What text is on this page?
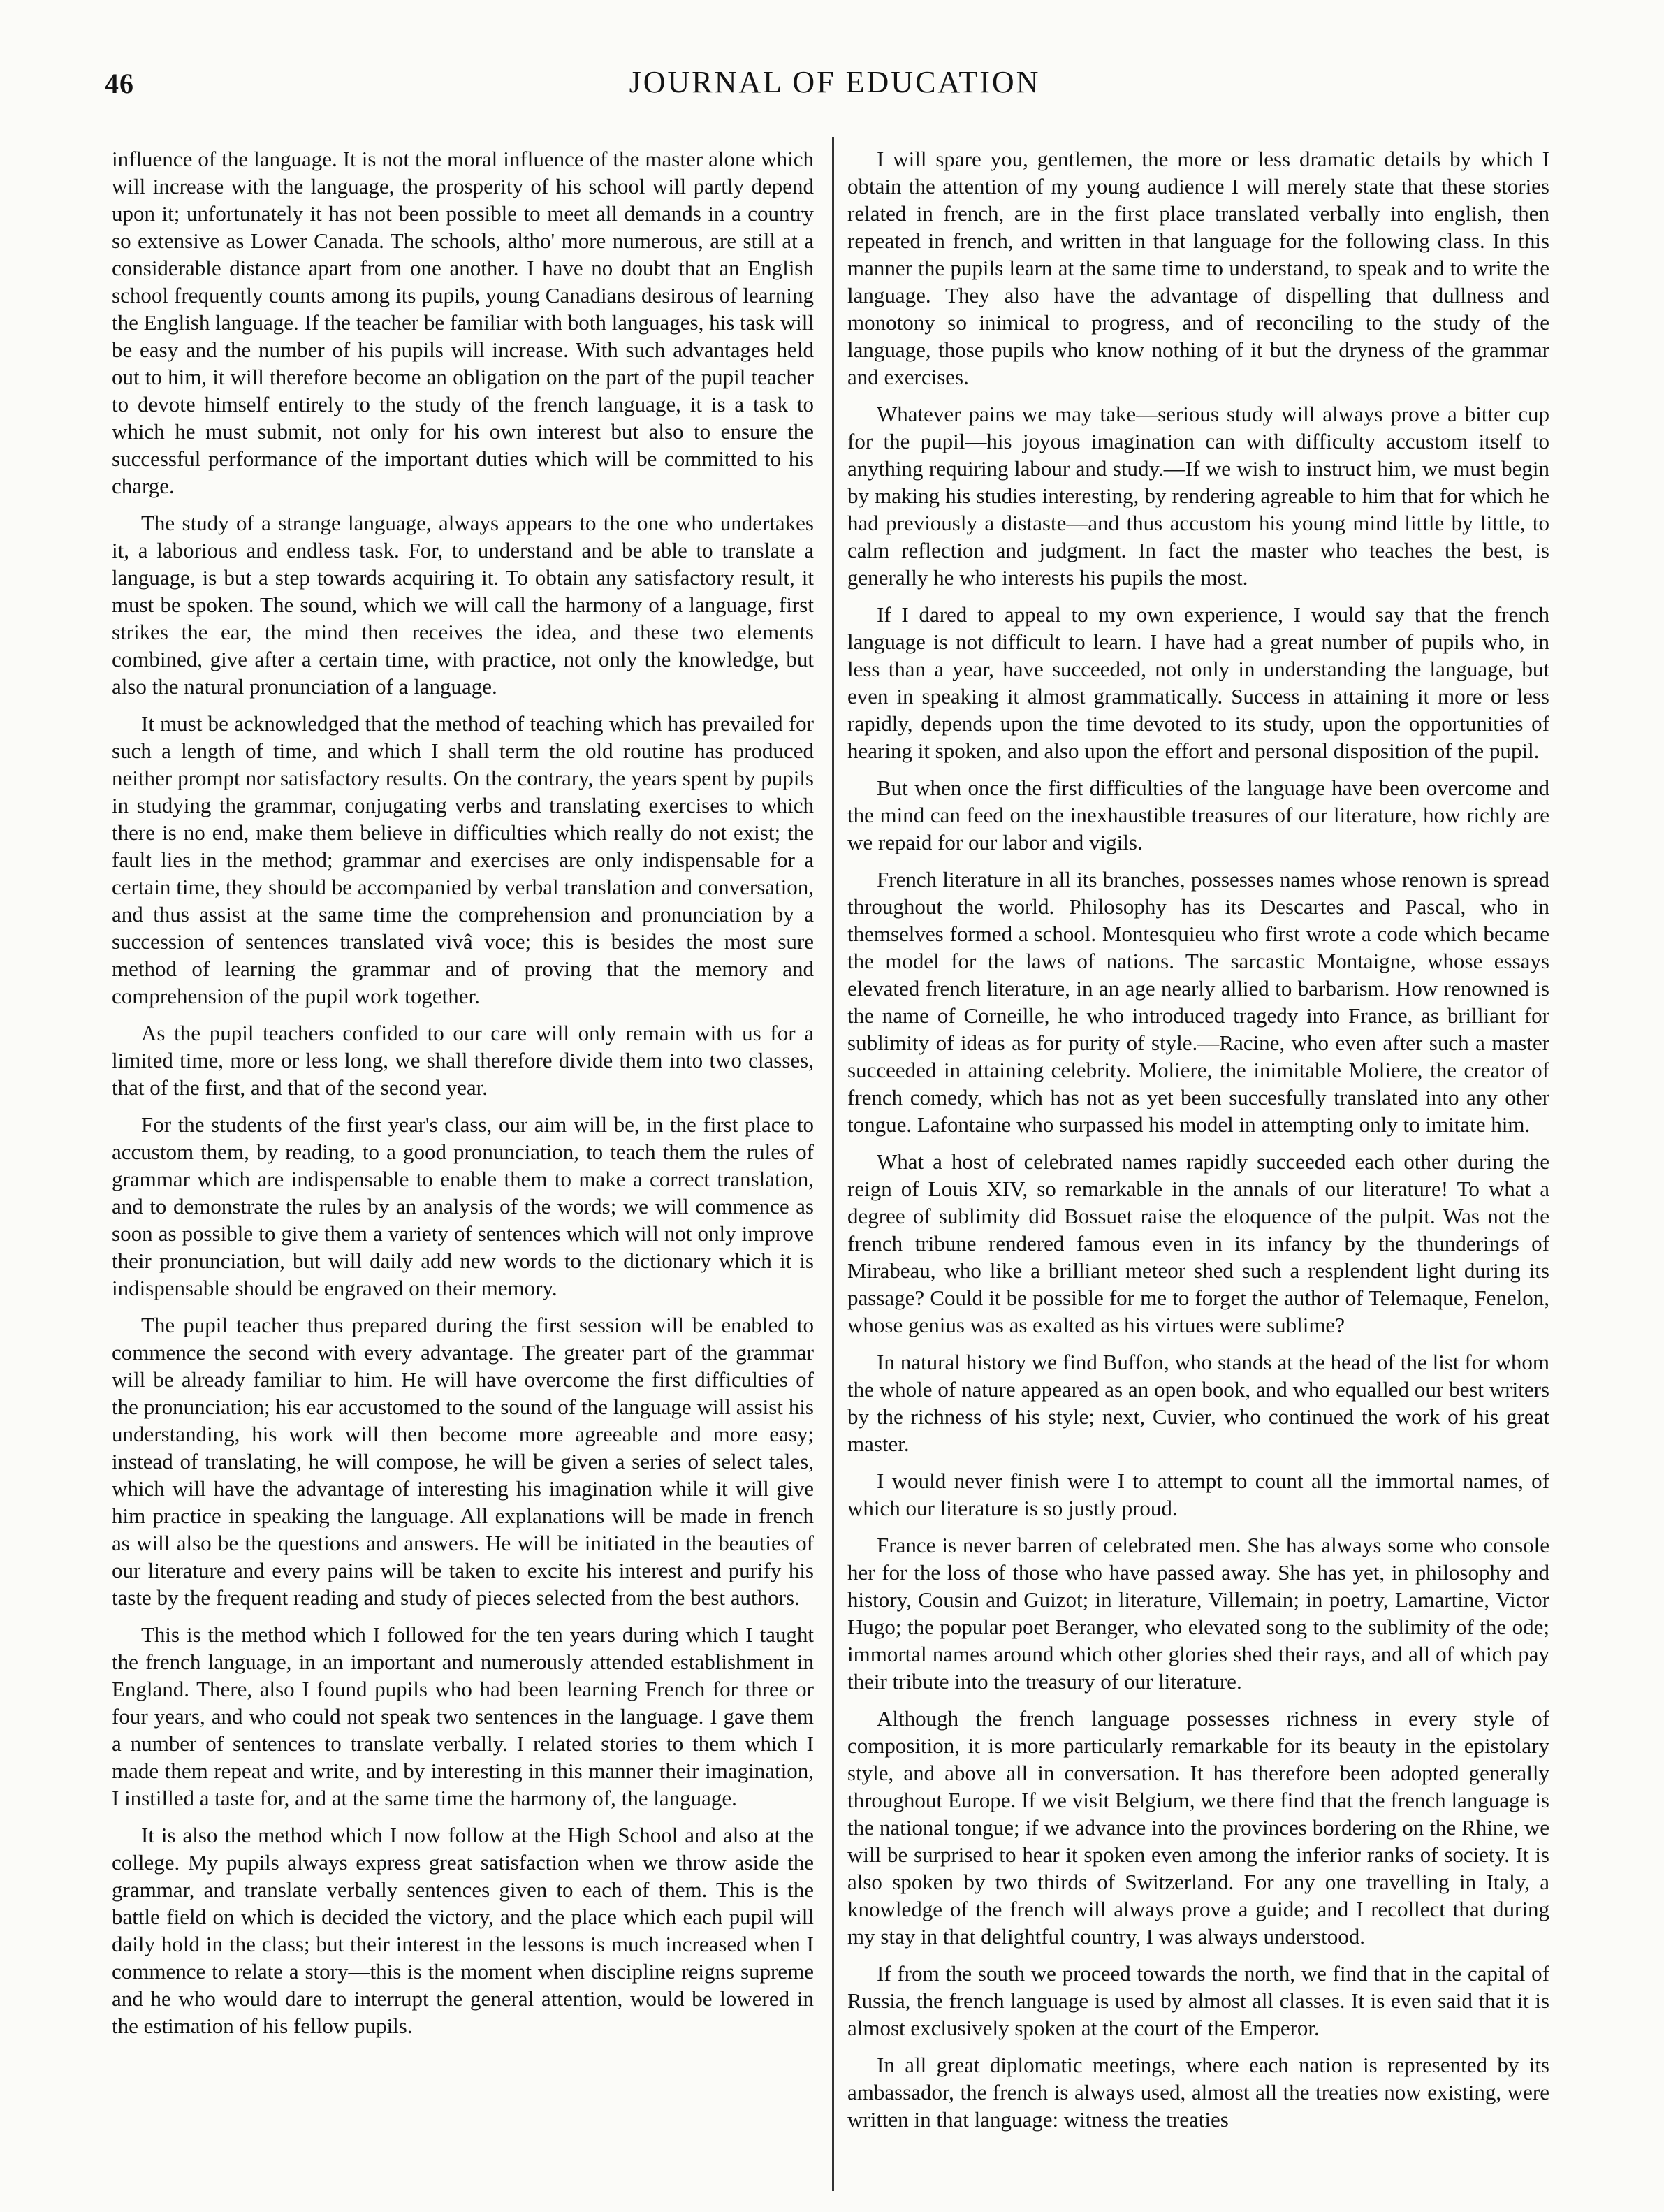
46	JOURNAL OF EDUCATION

influence of the language. It is not the moral influence of the master alone which will increase with the language, the prosperity of his school will partly depend upon it; unfortunately it has not been possible to meet all demands in a country so extensive as Lower Canada. The schools, altho' more numerous, are still at a considerable distance apart from one another. I have no doubt that an English school frequently counts among its pupils, young Canadians desirous of learning the English language. If the teacher be familiar with both languages, his task will be easy and the number of his pupils will increase. With such advantages held out to him, it will therefore become an obligation on the part of the pupil teacher to devote himself entirely to the study of the french language, it is a task to which he must submit, not only for his own interest but also to ensure the successful performance of the important duties which will be committed to his charge.

The study of a strange language, always appears to the one who undertakes it, a laborious and endless task. For, to understand and be able to translate a language, is but a step towards acquiring it. To obtain any satisfactory result, it must be spoken. The sound, which we will call the harmony of a language, first strikes the ear, the mind then receives the idea, and these two elements combined, give after a certain time, with practice, not only the knowledge, but also the natural pronunciation of a language.

It must be acknowledged that the method of teaching which has prevailed for such a length of time, and which I shall term the old routine has produced neither prompt nor satisfactory results. On the contrary, the years spent by pupils in studying the grammar, conjugating verbs and translating exercises to which there is no end, make them believe in difficulties which really do not exist; the fault lies in the method; grammar and exercises are only indispensable for a certain time, they should be accompanied by verbal translation and conversation, and thus assist at the same time the comprehension and pronunciation by a succession of sentences translated vivâ voce; this is besides the most sure method of learning the grammar and of proving that the memory and comprehension of the pupil work together.

As the pupil teachers confided to our care will only remain with us for a limited time, more or less long, we shall therefore divide them into two classes, that of the first, and that of the second year.

For the students of the first year's class, our aim will be, in the first place to accustom them, by reading, to a good pronunciation, to teach them the rules of grammar which are indispensable to enable them to make a correct translation, and to demonstrate the rules by an analysis of the words; we will commence as soon as possible to give them a variety of sentences which will not only improve their pronunciation, but will daily add new words to the dictionary which it is indispensable should be engraved on their memory.

The pupil teacher thus prepared during the first session will be enabled to commence the second with every advantage. The greater part of the grammar will be already familiar to him. He will have overcome the first difficulties of the pronunciation; his ear accustomed to the sound of the language will assist his understanding, his work will then become more agreeable and more easy; instead of translating, he will compose, he will be given a series of select tales, which will have the advantage of interesting his imagination while it will give him practice in speaking the language. All explanations will be made in french as will also be the questions and answers. He will be initiated in the beauties of our literature and every pains will be taken to excite his interest and purify his taste by the frequent reading and study of pieces selected from the best authors.

This is the method which I followed for the ten years during which I taught the french language, in an important and numerously attended establishment in England. There, also I found pupils who had been learning French for three or four years, and who could not speak two sentences in the language. I gave them a number of sentences to translate verbally. I related stories to them which I made them repeat and write, and by interesting in this manner their imagination, I instilled a taste for, and at the same time the harmony of, the language.

It is also the method which I now follow at the High School and also at the college. My pupils always express great satisfaction when we throw aside the grammar, and translate verbally sentences given to each of them. This is the battle field on which is decided the victory, and the place which each pupil will daily hold in the class; but their interest in the lessons is much increased when I commence to relate a story—this is the moment when discipline reigns supreme and he who would dare to interrupt the general attention, would be lowered in the estimation of his fellow pupils.

I will spare you, gentlemen, the more or less dramatic details by which I obtain the attention of my young audience I will merely state that these stories related in french, are in the first place translated verbally into english, then repeated in french, and written in that language for the following class. In this manner the pupils learn at the same time to understand, to speak and to write the language. They also have the advantage of dispelling that dullness and monotony so inimical to progress, and of reconciling to the study of the language, those pupils who know nothing of it but the dryness of the grammar and exercises.

Whatever pains we may take—serious study will always prove a bitter cup for the pupil—his joyous imagination can with difficulty accustom itself to anything requiring labour and study.—If we wish to instruct him, we must begin by making his studies interesting, by rendering agreable to him that for which he had previously a distaste—and thus accustom his young mind little by little, to calm reflection and judgment. In fact the master who teaches the best, is generally he who interests his pupils the most.

If I dared to appeal to my own experience, I would say that the french language is not difficult to learn. I have had a great number of pupils who, in less than a year, have succeeded, not only in understanding the language, but even in speaking it almost grammatically. Success in attaining it more or less rapidly, depends upon the time devoted to its study, upon the opportunities of hearing it spoken, and also upon the effort and personal disposition of the pupil.

But when once the first difficulties of the language have been overcome and the mind can feed on the inexhaustible treasures of our literature, how richly are we repaid for our labor and vigils.

French literature in all its branches, possesses names whose renown is spread throughout the world. Philosophy has its Descartes and Pascal, who in themselves formed a school. Montesquieu who first wrote a code which became the model for the laws of nations. The sarcastic Montaigne, whose essays elevated french literature, in an age nearly allied to barbarism. How renowned is the name of Corneille, he who introduced tragedy into France, as brilliant for sublimity of ideas as for purity of style.—Racine, who even after such a master succeeded in attaining celebrity. Moliere, the inimitable Moliere, the creator of french comedy, which has not as yet been succesfully translated into any other tongue. Lafontaine who surpassed his model in attempting only to imitate him.

What a host of celebrated names rapidly succeeded each other during the reign of Louis XIV, so remarkable in the annals of our literature! To what a degree of sublimity did Bossuet raise the eloquence of the pulpit. Was not the french tribune rendered famous even in its infancy by the thunderings of Mirabeau, who like a brilliant meteor shed such a resplendent light during its passage? Could it be possible for me to forget the author of Telemaque, Fenelon, whose genius was as exalted as his virtues were sublime?

In natural history we find Buffon, who stands at the head of the list for whom the whole of nature appeared as an open book, and who equalled our best writers by the richness of his style; next, Cuvier, who continued the work of his great master.

I would never finish were I to attempt to count all the immortal names, of which our literature is so justly proud.

France is never barren of celebrated men. She has always some who console her for the loss of those who have passed away. She has yet, in philosophy and history, Cousin and Guizot; in literature, Villemain; in poetry, Lamartine, Victor Hugo; the popular poet Beranger, who elevated song to the sublimity of the ode; immortal names around which other glories shed their rays, and all of which pay their tribute into the treasury of our literature.

Although the french language possesses richness in every style of composition, it is more particularly remarkable for its beauty in the epistolary style, and above all in conversation. It has therefore been adopted generally throughout Europe. If we visit Belgium, we there find that the french language is the national tongue; if we advance into the provinces bordering on the Rhine, we will be surprised to hear it spoken even among the inferior ranks of society. It is also spoken by two thirds of Switzerland. For any one travelling in Italy, a knowledge of the french will always prove a guide; and I recollect that during my stay in that delightful country, I was always understood.

If from the south we proceed towards the north, we find that in the capital of Russia, the french language is used by almost all classes. It is even said that it is almost exclusively spoken at the court of the Emperor.

In all great diplomatic meetings, where each nation is represented by its ambassador, the french is always used, almost all the treaties now existing, were written in that language: witness the treaties
